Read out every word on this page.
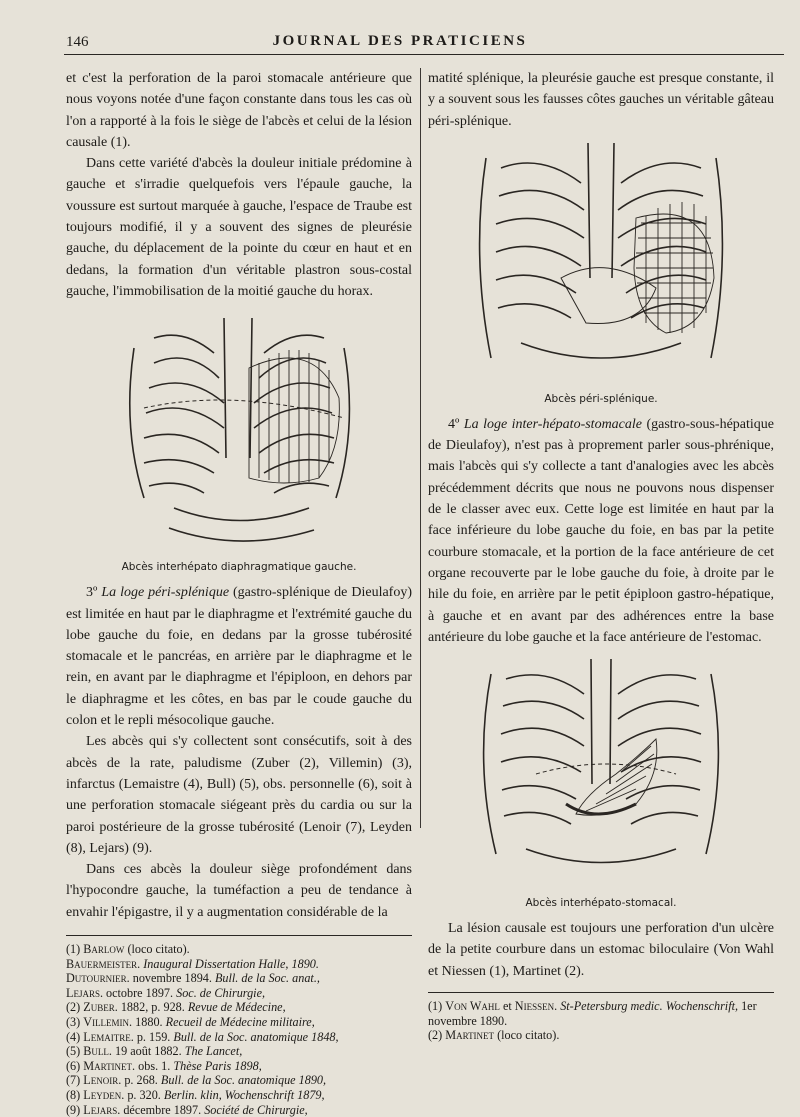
146	JOURNAL DES PRATICIENS

et c'est la perforation de la paroi stomacale antérieure que nous voyons notée d'une façon constante dans tous les cas où l'on a rapporté à la fois le siège de l'abcès et celui de la lésion causale (1).

Dans cette variété d'abcès la douleur initiale prédomine à gauche et s'irradie quelquefois vers l'épaule gauche, la voussure est surtout marquée à gauche, l'espace de Traube est toujours modifié, il y a souvent des signes de pleurésie gauche, du déplacement de la pointe du cœur en haut et en dedans, la formation d'un véritable plastron sous-costal gauche, l'immobilisation de la moitié gauche du horax.

Abcès interhépato diaphragmatique gauche.

3º La loge péri-splénique (gastro-splénique de Dieulafoy) est limitée en haut par le diaphragme et l'extrémité gauche du lobe gauche du foie, en dedans par la grosse tubérosité stomacale et le pancréas, en arrière par le diaphragme et le rein, en avant par le diaphragme et l'épiploon, en dehors par le diaphragme et les côtes, en bas par le coude gauche du colon et le repli mésocolique gauche.

Les abcès qui s'y collectent sont consécutifs, soit à des abcès de la rate, paludisme (Zuber (2), Villemin) (3), infarctus (Lemaistre (4), Bull) (5), obs. personnelle (6), soit à une perforation stomacale siégeant près du cardia ou sur la paroi postérieure de la grosse tubérosité (Lenoir (7), Leyden (8), Lejars) (9).

Dans ces abcès la douleur siège profondément dans l'hypocondre gauche, la tuméfaction a peu de tendance à envahir l'épigastre, il y a augmentation considérable de la

(1) Barlow (loco citato).

Bauermeister. Inaugural Dissertation Halle, 1890.

Dutournier. novembre 1894. Bull. de la Soc. anat.,

Lejars. octobre 1897. Soc. de Chirurgie,

(2) Zuber. 1882, p. 928. Revue de Médecine,

(3) Villemin. 1880. Recueil de Médecine militaire,

(4) Lemaitre. p. 159. Bull. de la Soc. anatomique 1848,

(5) Bull. 19 août 1882. The Lancet,

(6) Martinet. obs. 1. Thèse Paris 1898,

(7) Lenoir. p. 268. Bull. de la Soc. anatomique 1890,

(8) Leyden. p. 320. Berlin. klin, Wochenschrift 1879,

(9) Lejars. décembre 1897. Société de Chirurgie,

matité splénique, la pleurésie gauche est presque constante, il y a souvent sous les fausses côtes gauches un véritable gâteau péri-splénique.

Abcès péri-splénique.

4º La loge inter-hépato-stomacale (gastro-sous-hépatique de Dieulafoy), n'est pas à proprement parler sous-phrénique, mais l'abcès qui s'y collecte a tant d'analogies avec les abcès précédemment décrits que nous ne pouvons nous dispenser de le classer avec eux. Cette loge est limitée en haut par la face inférieure du lobe gauche du foie, en bas par la petite courbure stomacale, et la portion de la face antérieure de cet organe recouverte par le lobe gauche du foie, à droite par le hile du foie, en arrière par le petit épiploon gastro-hépatique, à gauche et en avant par des adhérences entre la base antérieure du lobe gauche et la face antérieure de l'estomac.

Abcès interhépato-stomacal.

La lésion causale est toujours une perforation d'un ulcère de la petite courbure dans un estomac biloculaire (Von Wahl et Niessen (1), Martinet (2).

(1) Von Wahl et Niessen. St-Petersburg medic. Wochenschrift, 1er novembre 1890.

(2) Martinet (loco citato).
